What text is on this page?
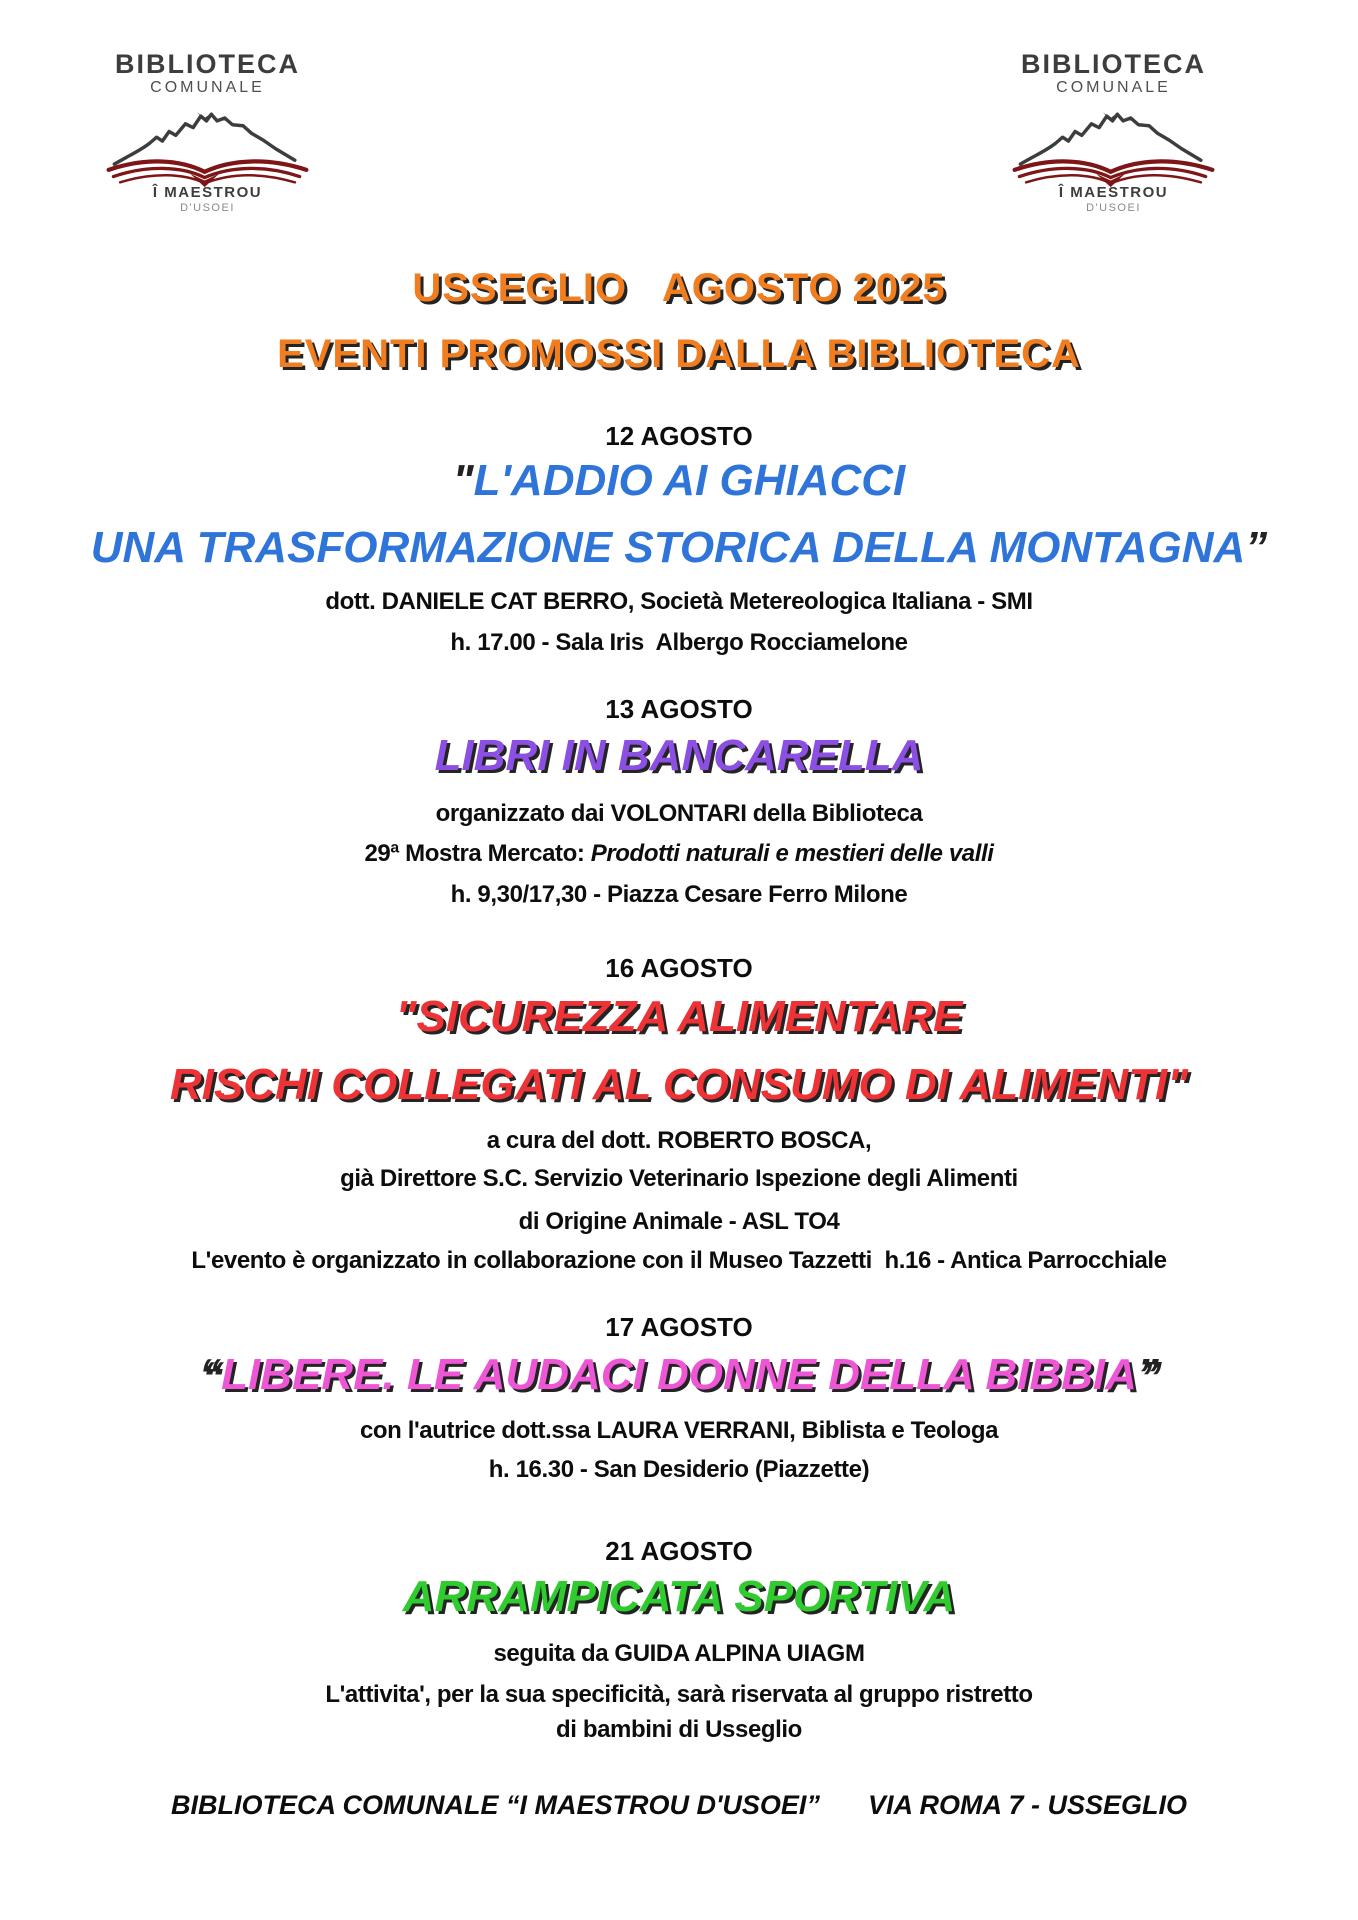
BIBLIOTECA
COMUNALE
Î MAESTROU
D'USOEI
BIBLIOTECA
COMUNALE
Î MAESTROU
D'USOEI
USSEGLIO   AGOSTO 2025
EVENTI PROMOSSI DALLA BIBLIOTECA
12 AGOSTO
"L'ADDIO AI GHIACCI
UNA TRASFORMAZIONE STORICA DELLA MONTAGNA”
dott. DANIELE CAT BERRO, Società Metereologica Italiana - SMI
h. 17.00 - Sala Iris  Albergo Rocciamelone
13 AGOSTO
LIBRI IN BANCARELLA
organizzato dai VOLONTARI della Biblioteca
29ª Mostra Mercato: Prodotti naturali e mestieri delle valli
h. 9,30/17,30 - Piazza Cesare Ferro Milone
16 AGOSTO
"SICUREZZA ALIMENTARE
RISCHI COLLEGATI AL CONSUMO DI ALIMENTI"
a cura del dott. ROBERTO BOSCA,
già Direttore S.C. Servizio Veterinario Ispezione degli Alimenti
di Origine Animale - ASL TO4
L'evento è organizzato in collaborazione con il Museo Tazzetti  h.16 - Antica Parrocchiale
17 AGOSTO
“LIBERE. LE AUDACI DONNE DELLA BIBBIA”
con l'autrice dott.ssa LAURA VERRANI, Biblista e Teologa
h. 16.30 - San Desiderio (Piazzette)
21 AGOSTO
ARRAMPICATA SPORTIVA
seguita da GUIDA ALPINA UIAGM
L'attivita', per la sua specificità, sarà riservata al gruppo ristretto
di bambini di Usseglio
BIBLIOTECA COMUNALE “I MAESTROU D'USOEI” VIA ROMA 7 - USSEGLIO
